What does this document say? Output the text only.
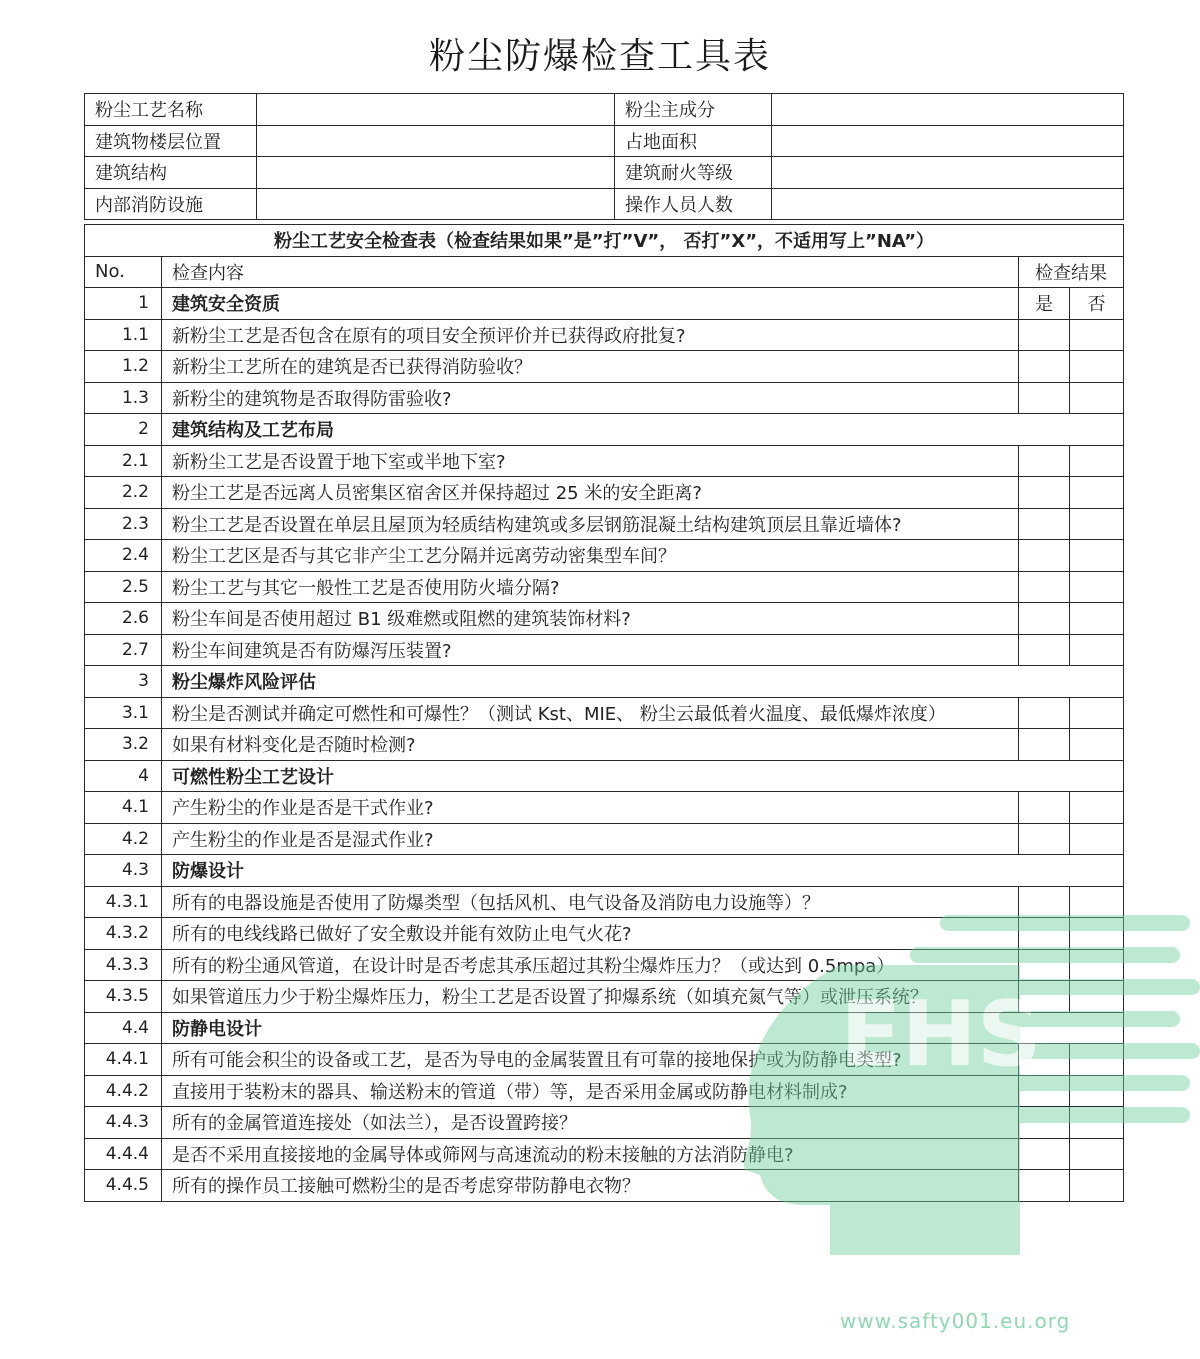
粉尘防爆检查工具表
粉尘工艺名称		粉尘主成分	
建筑物楼层位置		占地面积	
建筑结构		建筑耐火等级	
内部消防设施		操作人员人数	
粉尘工艺安全检查表（检查结果如果”是”打”V”， 否打”X”，不适用写上”NA”）			
No.	检查内容	检查结果	
1	建筑安全资质	是	否
1.1	新粉尘工艺是否包含在原有的项目安全预评价并已获得政府批复?		
1.2	新粉尘工艺所在的建筑是否已获得消防验收？		
1.3	新粉尘的建筑物是否取得防雷验收?		
2	建筑结构及工艺布局		
2.1	新粉尘工艺是否设置于地下室或半地下室?		
2.2	粉尘工艺是否远离人员密集区宿舍区并保持超过 25 米的安全距离?		
2.3	粉尘工艺是否设置在单层且屋顶为轻质结构建筑或多层钢筋混凝土结构建筑顶层且靠近墙体?		
2.4	粉尘工艺区是否与其它非产尘工艺分隔并远离劳动密集型车间？		
2.5	粉尘工艺与其它一般性工艺是否使用防火墙分隔?		
2.6	粉尘车间是否使用超过 B1 级难燃或阻燃的建筑装饰材料?		
2.7	粉尘车间建筑是否有防爆泻压装置?		
3	粉尘爆炸风险评估		
3.1	粉尘是否测试并确定可燃性和可爆性？（测试 Kst、MIE、 粉尘云最低着火温度、最低爆炸浓度）		
3.2	如果有材料变化是否随时检测?		
4	可燃性粉尘工艺设计		
4.1	产生粉尘的作业是否是干式作业?		
4.2	产生粉尘的作业是否是湿式作业?		
4.3	防爆设计		
4.3.1	所有的电器设施是否使用了防爆类型（包括风机、电气设备及消防电力设施等）？		
4.3.2	所有的电线线路已做好了安全敷设并能有效防止电气火花?		
4.3.3	所有的粉尘通风管道，在设计时是否考虑其承压超过其粉尘爆炸压力？（或达到 0.5mpa）		
4.3.5	如果管道压力少于粉尘爆炸压力，粉尘工艺是否设置了抑爆系统（如填充氮气等）或泄压系统？		
4.4	防静电设计		
4.4.1	所有可能会积尘的设备或工艺，是否为导电的金属装置且有可靠的接地保护或为防静电类型?		
4.4.2	直接用于装粉末的器具、输送粉末的管道（带）等，是否采用金属或防静电材料制成?		
4.4.3	所有的金属管道连接处（如法兰），是否设置跨接？		
4.4.4	是否不采用直接接地的金属导体或筛网与高速流动的粉末接触的方法消防静电?		
4.4.5	所有的操作员工接触可燃粉尘的是否考虑穿带防静电衣物？		
EHS
www.safty001.eu.org
